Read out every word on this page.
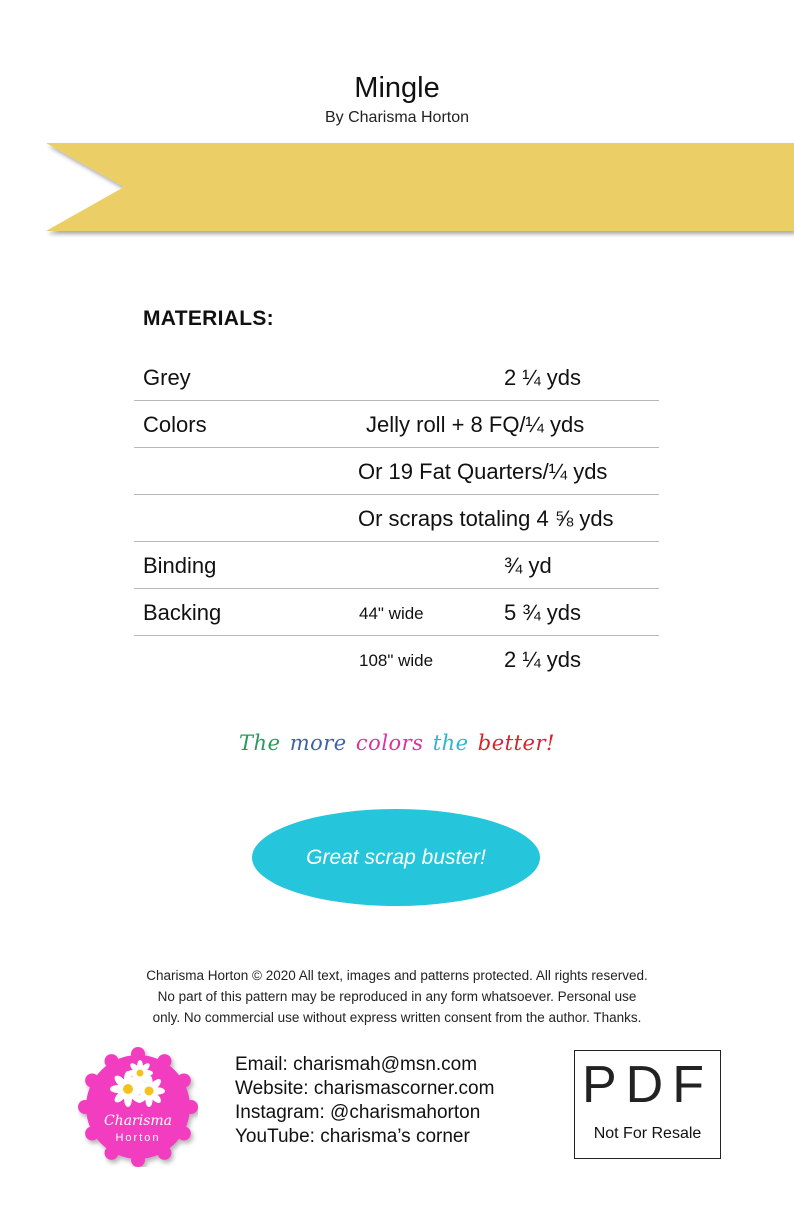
Mingle
By Charisma Horton
MATERIALS:
Grey	2 ¼ yds
Colors	Jelly roll + 8 FQ/¼ yds
Or 19 Fat Quarters/¼ yds
Or scraps totaling 4 ⅝ yds
Binding	¾ yd
Backing	44" wide	5 ¾ yds
108" wide	2 ¼ yds
The more colors the better!
Great scrap buster!
Charisma Horton © 2020 All text, images and patterns protected. All rights reserved.
No part of this pattern may be reproduced in any form whatsoever. Personal use
only. No commercial use without express written consent from the author. Thanks.
Charisma
Horton
Email: charismah@msn.com
Website: charismascorner.com
Instagram: @charismahorton
YouTube: charisma’s corner
PDF
Not For Resale
